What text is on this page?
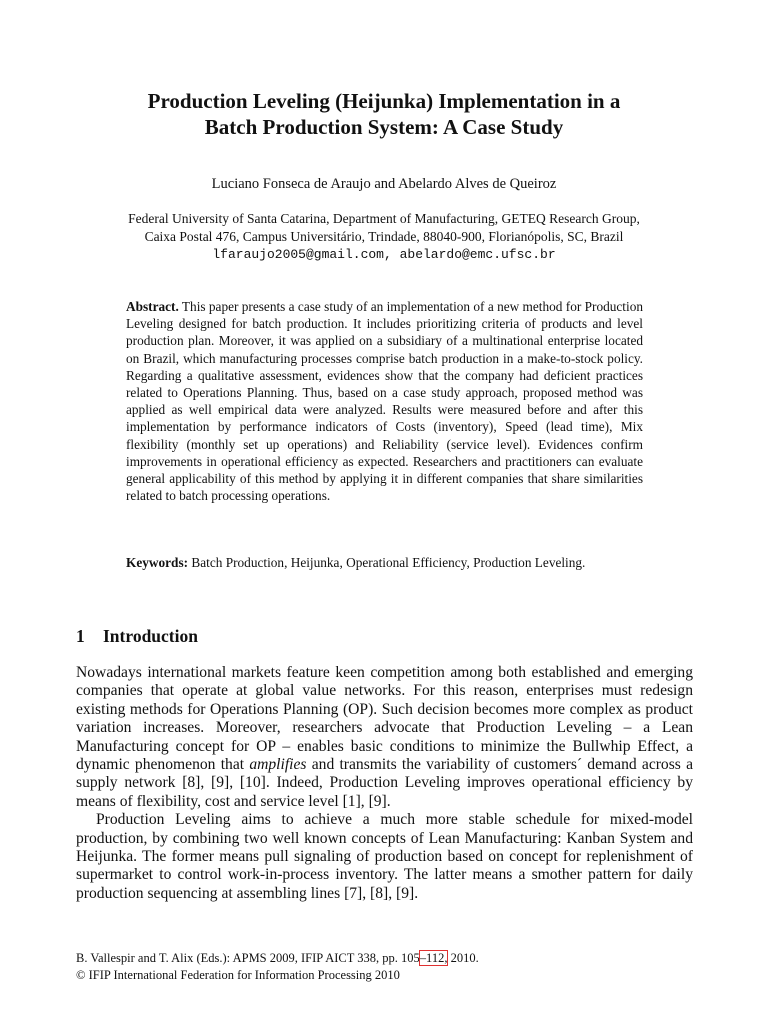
Production Leveling (Heijunka) Implementation in a
Batch Production System: A Case Study
Luciano Fonseca de Araujo and Abelardo Alves de Queiroz
Federal University of Santa Catarina, Department of Manufacturing, GETEQ Research Group,
Caixa Postal 476, Campus Universitário, Trindade, 88040-900, Florianópolis, SC, Brazil
lfaraujo2005@gmail.com, abelardo@emc.ufsc.br
Abstract. This paper presents a case study of an implementation of a new method for Production Leveling designed for batch production. It includes prioritizing criteria of products and level production plan. Moreover, it was applied on a subsidiary of a multinational enterprise located on Brazil, which manufacturing processes comprise batch production in a make-to-stock policy. Regarding a qualitative assessment, evidences show that the company had deficient practices related to Operations Planning. Thus, based on a case study approach, proposed method was applied as well empirical data were analyzed. Results were measured before and after this implementation by performance indicators of Costs (inventory), Speed (lead time), Mix flexibility (monthly set up operations) and Reliability (service level). Evidences confirm improvements in operational efficiency as expected. Researchers and practitioners can evaluate general applicability of this method by applying it in different companies that share similarities related to batch processing operations.
Keywords: Batch Production, Heijunka, Operational Efficiency, Production Leveling.
1 Introduction

Nowadays international markets feature keen competition among both established and emerging companies that operate at global value networks. For this reason, enterprises must redesign existing methods for Operations Planning (OP). Such decision becomes more complex as product variation increases. Moreover, researchers advocate that Production Leveling – a Lean Manufacturing concept for OP – enables basic conditions to minimize the Bullwhip Effect, a dynamic phenomenon that amplifies and transmits the variability of customers´ demand across a supply network [8], [9], [10]. Indeed, Production Leveling improves operational efficiency by means of flexibility, cost and service level [1], [9].

Production Leveling aims to achieve a much more stable schedule for mixed-model production, by combining two well known concepts of Lean Manufacturing: Kanban System and Heijunka. The former means pull signaling of production based on concept for replenishment of supermarket to control work-in-process inventory. The latter means a smother pattern for daily production sequencing at assembling lines [7], [8], [9].

B. Vallespir and T. Alix (Eds.): APMS 2009, IFIP AICT 338, pp. 105–112, 2010.
© IFIP International Federation for Information Processing 2010
